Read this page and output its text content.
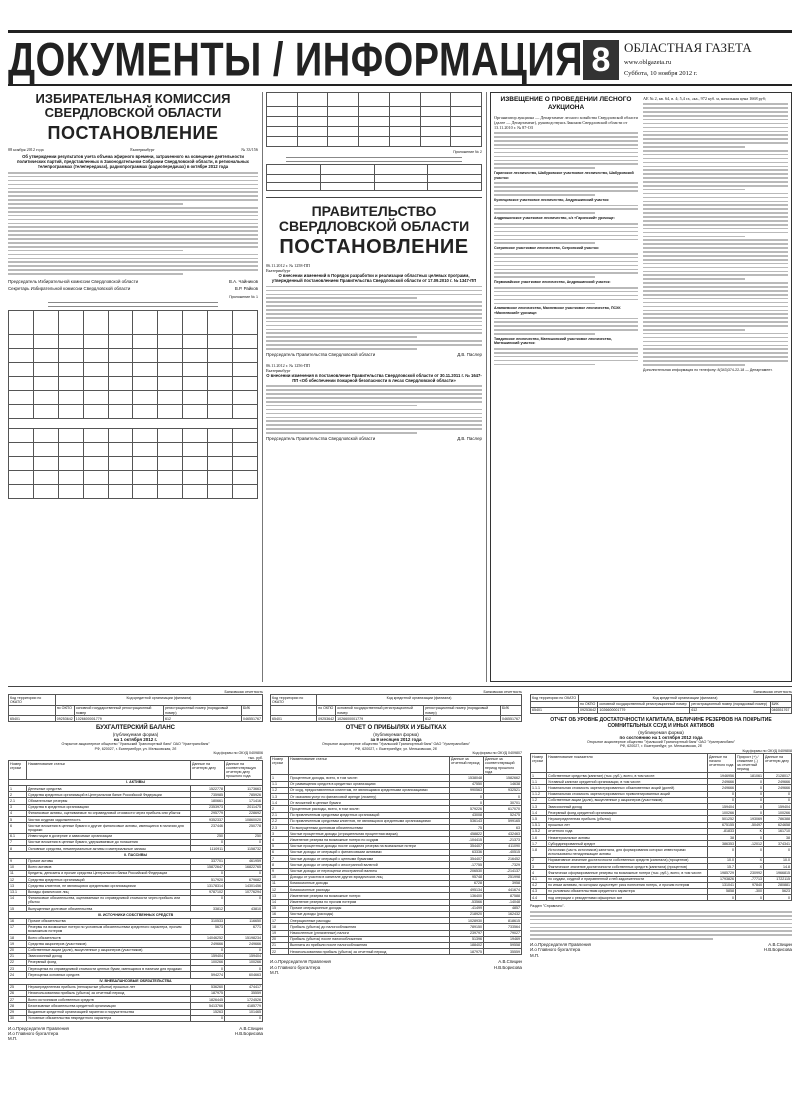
ДОКУМЕНТЫ / ИНФОРМАЦИЯ 8	ОБЛАСТНАЯ ГАЗЕТА
www.oblgazeta.ru
Суббота, 10 ноября 2012 г.
ИЗБИРАТЕЛЬНАЯ КОМИССИЯ СВЕРДЛОВСКОЙ ОБЛАСТИ
ПОСТАНОВЛЕНИЕ
08 ноября 2012 года	Екатеринбург	№ 33/156
Об утверждении результатов учета объема эфирного времени, затраченного на освещение деятельности политических партий, представленных в Законодательном Собрании Свердловской области, в региональных телепрограммах (телепередачах), радиопрограммах (радиопередачах) в октябре 2012 года
Председатель Избирательной комиссии Свердловской области	В.А. Чайников
Секретарь Избирательной комиссии Свердловской области	В.Р. Райков
Приложение № 1

Приложение № 2

ПРАВИТЕЛЬСТВО СВЕРДЛОВСКОЙ ОБЛАСТИ
ПОСТАНОВЛЕНИЕ
06.11.2012 г. № 1258-ПП
Екатеринбург
О внесении изменений в Порядок разработки и реализации областных целевых программ, утвержденный постановлением Правительства Свердловской области от 17.09.2010 г. № 1347-ПП
Председатель Правительства Свердловской области	Д.В. Паслер
06.11.2012 г. № 1256-ПП
Екатеринбург
О внесении изменения в постановление Правительства Свердловской области от 30.11.2011 г. № 1647-ПП «Об обеспечении пожарной безопасности в лесах Свердловской области»
Председатель Правительства Свердловской области	Д.В. Паслер
ИЗВЕЩЕНИЕ О ПРОВЕДЕНИИ ЛЕСНОГО АУКЦИОНА
Организатор аукциона — Департамент лесного хозяйства Свердловской области (далее — Департамент), руководствуясь Законом Свердловской области от 13.11.2010 г. № 87-ОЗ
Гаринское лесничество, Шабуровское участковое лесничество, Шабуровский участок:
Кузнецовское участковое лесничество, Андрюшинский участок:
Андрюшинское участковое лесничество, с/з «Гаринский» урочище:
Сотринское участковое лесничество, Сотринский участок:
Первомайское участковое лесничество, Андрюшинский участок:
Алапаевское лесничество, Махневское участковое лесничество, ПСХК «Махневский» урочище:
Тавдинское лесничество, Матюшинский участковое лесничество, Матюшинский участок:
АЕ № 2, кв. 64, в. 4; 5,4 га, «ка., 972 куб. м, начальная цена 1668 руб;
Дополнительная информация по телефону: 8(343)374-22-18 — Департамент.
Банковская отчетность
Код территории по ОКАТО	Код кредитной организации (филиала)			
	по ОКПО	основной государственный регистрационный номер	регистрационный номер (порядковый номер)	БИК
65401	09253642	1026600001779	612	046551767
БУХГАЛТЕРСКИЙ БАЛАНС
(публикуемая форма)
на 1 октября 2012 г.
Открытое акционерное общество "Уральский Транспортный банк" ОАО "Уралтрансбанк"
РФ, 620027, г. Екатеринбург, ул. Мельковская, 2б
Код формы по ОКУД 0409806
тыс. руб.
Номер строки	Наименование статьи	Данные на отчетную дату	Данные на соответствующую отчетную дату прошлого года
I. АКТИВЫ			
1	Денежные средства	1522778	1173663
2	Средства кредитных организаций в Центральном банке Российской Федерации	735985	785926
2.1	Обязательные резервы	180661	171416
3	Средства в кредитных организациях	2353973	2011475
4	Финансовые активы, оцениваемые по справедливой стоимости через прибыль или убыток	295779	228692
5	Чистая ссудная задолженность	9352337	10860020
6	Чистые вложения в ценные бумаги и другие финансовые активы, имеющиеся в наличии для продажи	237446	250778
6.1	Инвестиции в дочерние и зависимые организации	250	250
7	Чистые вложения в ценные бумаги, удерживаемые до погашения	0	0
8	Основные средства, нематериальные активы и материальные запасы	1110911	1158732
II. ПАССИВЫ			
9	Прочие активы	337701	461959
10	Всего активов	15872647	16822765
11	Кредиты, депозиты и прочие средства Центрального банка Российской Федерации	0	0
12	Средства кредитных организаций	517920	679682
13	Средства клиентов, не являющихся кредитными организациями	13178314	14301456
13.1	Вклады физических лиц	9787102	10776294
14	Финансовые обязательства, оцениваемые по справедливой стоимости через прибыль или убыток	0	0
15	Выпущенные долговые обязательства	33812	43810
III. ИСТОЧНИКИ СОБСТВЕННЫХ СРЕДСТВ			
16	Прочие обязательства	310533	116650
17	Резервы на возможные потери по условным обязательствам кредитного характера, прочим возможным потерям	5673	6771
18	Всего обязательств	14046252	15198234
19	Средства акционеров (участников)	249666	249666
20	Собственные акции (доли), выкупленные у акционеров (участников)	0	0
21	Эмиссионный доход	159404	159404
22	Резервный фонд	100266	100266
23	Переоценка по справедливой стоимости ценных бумаг, имеющихся в наличии для продажи	0	0
24	Переоценка основных средств	594274	604663
IV. ВНЕБАЛАНСОВЫЕ ОБЯЗАТЕЛЬСТВА			
25	Нераспределенная прибыль (непокрытые убытки) прошлых лет	536260	474417
26	Неиспользованная прибыль (убыток) за отчетный период	187975	35559
27	Всего источников собственных средств	1826445	1724526
28	Безотзывные обязательства кредитной организации	5413766	4185779
29	Выданные кредитной организацией гарантии и поручительства	15263	101465
30	Условные обязательства некредитного характера	0	0
И.о.Председателя Правления	А.В.Спицин
И.о Главного бухгалтера	Н.В.Борисова
М.П.
Банковская отчетность
Код территории по ОКАТО	Код кредитной организации (филиала)			
	по ОКПО	основной государственный регистрационный номер	регистрационный номер (порядковый номер)	БИК
65401	09253642	1026600001779	612	046551767
ОТЧЕТ О ПРИБЫЛЯХ И УБЫТКАХ
(публикуемая форма)
за 9 месяцев 2012 года
Открытое акционерное общество "Уральский Транспортный банк" ОАО "Уралтрансбанк"
РФ, 620027, г. Екатеринбург, ул. Мельковская, 2б
Код формы по ОКУД 0409807
Номер строки	Наименование статьи	Данные за отчетный период	Данные за соответствующий период прошлого года
1	Процентные доходы, всего, в том числе:	1538048	1582662
1.1	От размещения средств в кредитных организациях	47550	14638
1.2	От ссуд, предоставленных клиентам, не являющимся кредитными организациями	990563	932521
1.3	От оказания услуг по финансовой аренде (лизингу)	0	0
1.4	От вложений в ценные бумаги	0	30701
2	Процентные расходы, всего, в том числе:	579226	617070
2.1	По привлеченным средствам кредитных организаций	43008	52475
2.2	По привлеченным средствам клиентов, не являющихся кредитными организациями	536143	599165
2.3	По выпущенным долговым обязательствам	75	63
3	Чистые процентные доходы (отрицательная процентная маржа)	458822	432463
4	Изменение резерва на возможные потери по ссудам	-104415	-21373
5	Чистые процентные доходы после создания резерва на возможные потери	354407	411090
6	Чистые доходы от операций с финансовыми активами	63336	-40515
7	Чистые доходы от операций с ценными бумагами	354407	216452
8	Чистые доходы от операций с иностранной валютой	-17755	-7329
9	Чистые доходы от переоценки иностранной валюты	206530	-214137
10	Доходы от участия в капитале других юридических лиц	95748	251998
11	Комиссионные доходы	6728	3958
12	Комиссионные расходы	495134	441674
13	Изменение резерва на возможные потери	136400	87588
14	Изменение резерва по прочим потерям	-53566	-14048
15	Прочие операционные доходы	-41499	4857
16	Чистые доходы (расходы)	218920	162432
17	Операционные расходы	1028930	818615
18	Прибыль (убыток) до налогообложения	789150	733564
19	Начисленные (уплаченные) налоги	239797	79027
20	Прибыль (убыток) после налогообложения	51396	19469
21	Выплаты из прибыли после налогообложения	188402	59558
22	Неиспользованная прибыль (убыток) за отчетный период	187975	35559
И.о.Председателя Правления	А.В.Спицин
И.о Главного бухгалтера	Н.В.Борисова
М.П.
Банковская отчетность
Код территории по ОКАТО	Код кредитной организации (филиала)			
	по ОКПО	основной государственный регистрационный номер	регистрационный номер (порядковый номер)	БИК
65401	09253642	1026600001779	612	046551767
ОТЧЕТ ОБ УРОВНЕ ДОСТАТОЧНОСТИ КАПИТАЛА, ВЕЛИЧИНЕ РЕЗЕРВОВ НА ПОКРЫТИЕ СОМНИТЕЛЬНЫХ ССУД И ИНЫХ АКТИВОВ
(публикуемая форма)
по состоянию на 1 октября 2012 года
Открытое акционерное общество "Уральский Транспортный банк" ОАО "Уралтрансбанк"
РФ, 620027, г. Екатеринбург, ул. Мельковская, 2б
Код формы по ОКУД 0409808
Номер строки	Наименование показателя	Данные на начало отчетного года	Прирост (+) / снижение (-) за отчетный период	Данные на отчетную дату
1	Собственные средства (капитал) (тыс. руб.), всего, в том числе:	1946956	181061	2128017
1.1	Уставный капитал кредитной организации, в том числе:	249666	0	249666
1.1.1	Номинальная стоимость зарегистрированных обыкновенных акций (долей)	249666	0	249666
1.1.2	Номинальная стоимость зарегистрированных привилегированных акций	0	0	0
1.2	Собственные акции (доли), выкупленные у акционеров (участников)	0	0	0
1.3	Эмиссионный доход	159404	0	159404
1.4	Резервный фонд кредитной организации	100266	0	100266
1.5	Нераспределенная прибыль (убыток)	501252	193069	786388
1.5.1	прошлых лет	675155	-50497	624658
1.5.2	отчетного года	-81833	K	161710
1.6	Нематериальные активы	38	0	38
1.7	Субординированный кредит	386353	-12012	374341
1.8	Источники (часть источников) капитала, для формирования которых инвесторами использованы ненадлежащие активы	0	0	0
2	Нормативное значение достаточности собственных средств (капитала) (процентов)	10.0	X	10.0
3	Фактическое значение достаточности собственных средств (капитала) (процентов)	15.7	X	14.8
4	Фактически сформированные резервы на возможные потери (тыс. руб.), всего, в том числе:	1985729	230992	1966815
4.1	по ссудам, ссудной и приравненной к ней задолженности	1793826	-77713	1722115
4.2	по иным активам, по которым существует риск понесения потерь, и прочим потерям	131041	97840	280881
4.3	по условным обязательствам кредитного характера	5858	-300	5623
4.4	под операции с резидентами офшорных зон	0	0	0
Раздел "Справочно".
И.о.Председателя Правления	А.В.Спицин
И.о Главного бухгалтера	Н.В.Борисова
М.П.
